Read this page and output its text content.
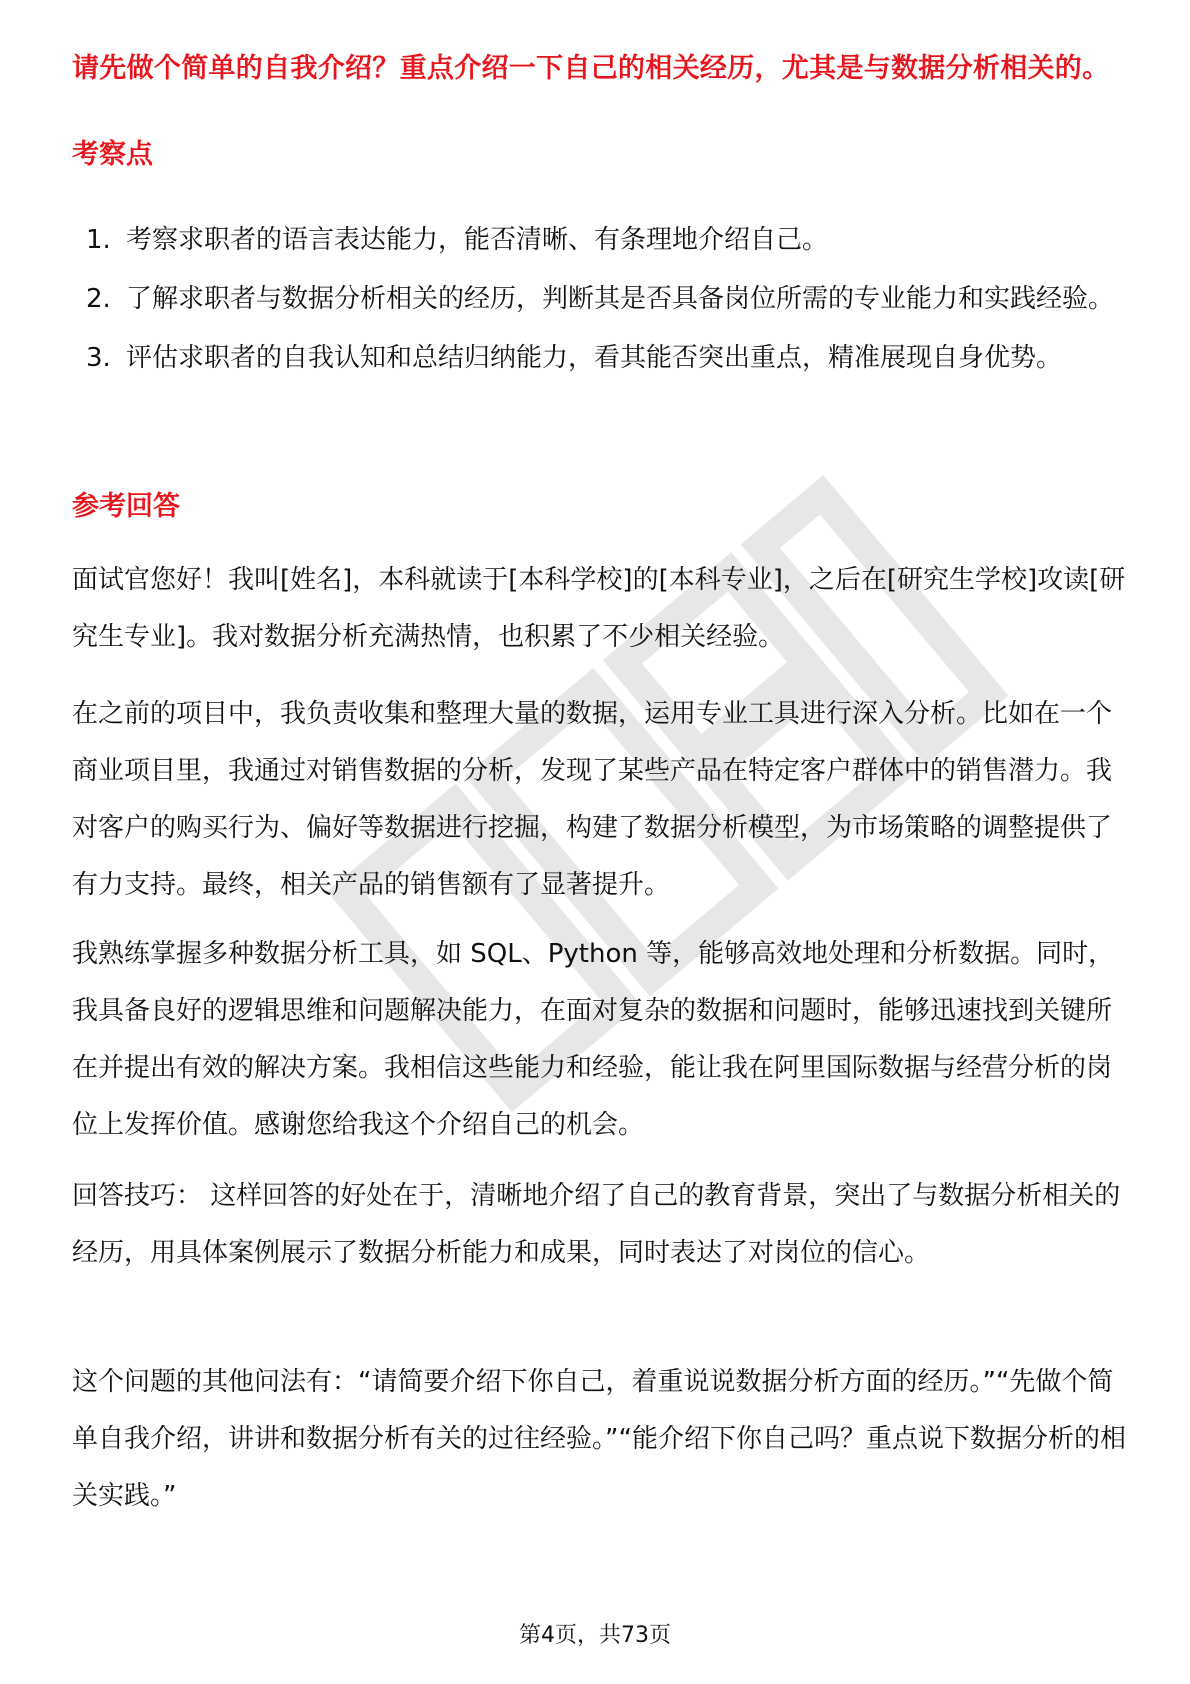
请先做个简单的自我介绍？重点介绍一下自己的相关经历，尤其是与数据分析相关的。
考察点
1. 考察求职者的语言表达能力，能否清晰、有条理地介绍自己。
2. 了解求职者与数据分析相关的经历，判断其是否具备岗位所需的专业能力和实践经验。
3. 评估求职者的自我认知和总结归纳能力，看其能否突出重点，精准展现自身优势。
参考回答

面试官您好！我叫[姓名]，本科就读于[本科学校]的[本科专业]，之后在[研究生学校]攻读[研究生专业]。我对数据分析充满热情，也积累了不少相关经验。

在之前的项目中，我负责收集和整理大量的数据，运用专业工具进行深入分析。比如在一个商业项目里，我通过对销售数据的分析，发现了某些产品在特定客户群体中的销售潜力。我对客户的购买行为、偏好等数据进行挖掘，构建了数据分析模型，为市场策略的调整提供了有力支持。最终，相关产品的销售额有了显著提升。

我熟练掌握多种数据分析工具，如 SQL、Python 等，能够高效地处理和分析数据。同时，我具备良好的逻辑思维和问题解决能力，在面对复杂的数据和问题时，能够迅速找到关键所在并提出有效的解决方案。我相信这些能力和经验，能让我在阿里国际数据与经营分析的岗位上发挥价值。感谢您给我这个介绍自己的机会。

回答技巧： 这样回答的好处在于，清晰地介绍了自己的教育背景，突出了与数据分析相关的经历，用具体案例展示了数据分析能力和成果，同时表达了对岗位的信心。

这个问题的其他问法有：“请简要介绍下你自己，着重说说数据分析方面的经历。”“先做个简单自我介绍，讲讲和数据分析有关的过往经验。”“能介绍下你自己吗？重点说下数据分析的相关实践。”

第4页，共73页
